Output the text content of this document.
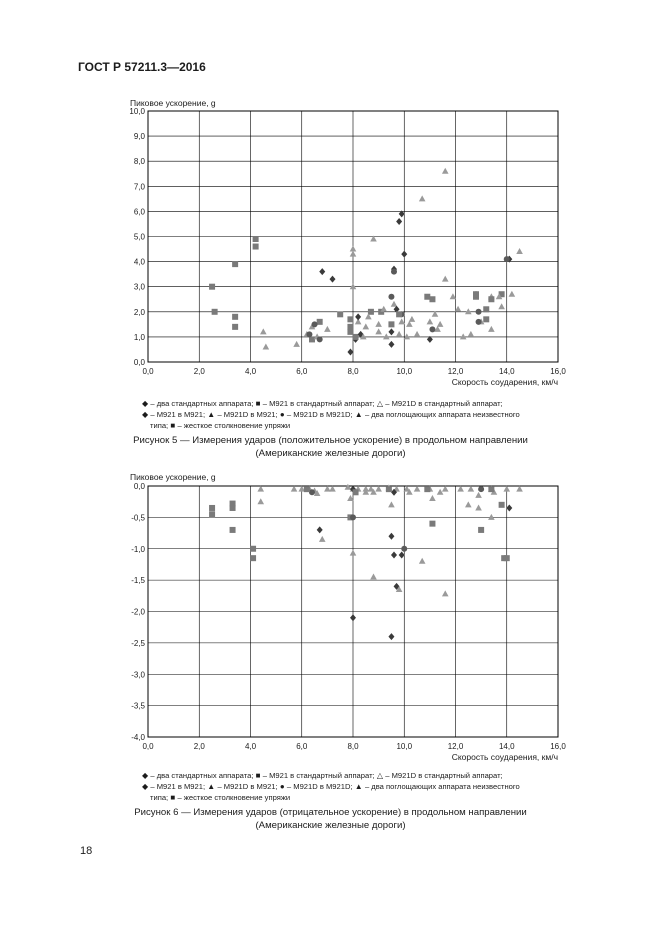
ГОСТ Р 57211.3—2016
Пиковое ускорение, g
0,0	2,0	4,0	6,0	8,0	10,0	12,0	14,0	16,0
0,0
1,0
2,0
3,0
4,0
5,0
6,0
7,0
8,0
9,0
10,0
Скорость соударения, км/ч
◆ – два стандартных аппарата; ■ – M921 в стандартный аппарат; △ – M921D в стандартный аппарат;
◆ – M921 в M921; ▲ – M921D в M921; ● – M921D в M921D; ▲ – два поглощающих аппарата неизвестного
типа; ■ – жесткое столкновение упряжи
Рисунок 5 — Измерения ударов (положительное ускорение) в продольном направлении
(Американские железные дороги)
Пиковое ускорение, g
0,0	2,0	4,0	6,0	8,0	10,0	12,0	14,0	16,0
-4,0
-3,5
-3,0
-2,5
-2,0
-1,5
-1,0
-0,5
0,0
Скорость соударения, км/ч
◆ – два стандартных аппарата; ■ – M921 в стандартный аппарат; △ – M921D в стандартный аппарат;
◆ – M921 в M921; ▲ – M921D в M921; ● – M921D в M921D; ▲ – два поглощающих аппарата неизвестного
типа; ■ – жесткое столкновение упряжи
Рисунок 6 — Измерения ударов (отрицательное ускорение) в продольном направлении
(Американские железные дороги)
18
